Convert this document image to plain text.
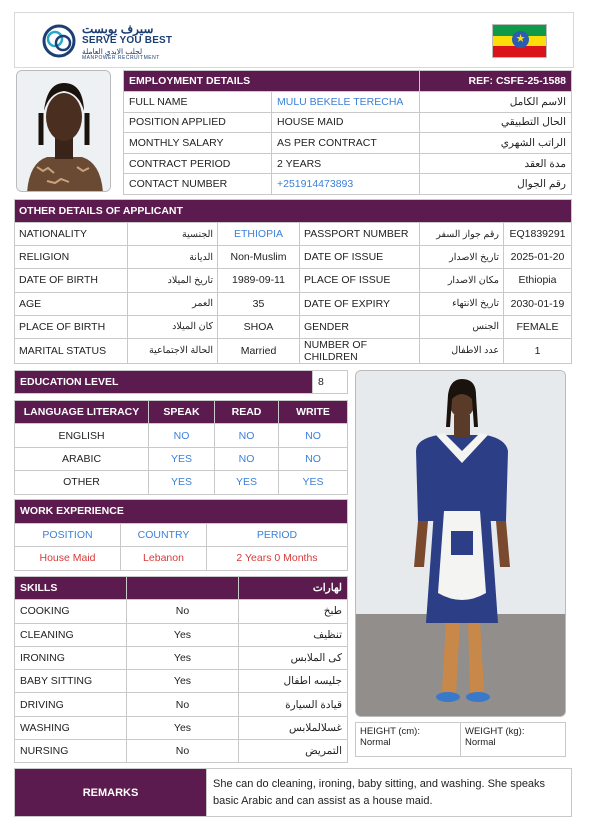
سيرف يوبست
SERVE YOU BEST
لجلب الايدي العاملة
MANPOWER RECRUITMENT
★
EMPLOYMENT DETAILS		REF: CSFE-25-1588
FULL NAME	MULU BEKELE TERECHA	الاسم الكامل
POSITION APPLIED	HOUSE MAID	الحال التطبيقي
MONTHLY SALARY	AS PER CONTRACT	الراتب الشهري
CONTRACT PERIOD	2 YEARS	مدة العقد
CONTACT NUMBER	+251914473893	رقم الجوال
OTHER DETAILS OF APPLICANT					
NATIONALITY	الجنسية	ETHIOPIA	PASSPORT NUMBER	رقم جواز السفر	EQ1839291
RELIGION	الديانة	Non-Muslim	DATE OF ISSUE	تاريخ الاصدار	2025-01-20
DATE OF BIRTH	تاريخ الميلاد	1989-09-11	PLACE OF ISSUE	مكان الاصدار	Ethiopia
AGE	العمر	35	DATE OF EXPIRY	تاريخ الانتهاء	2030-01-19
PLACE OF BIRTH	كان الميلاد	SHOA	GENDER	الجنس	FEMALE
MARITAL STATUS	الحالة الاجتماعية	Married	NUMBER OF CHILDREN	عدد الاطفال	1
EDUCATION LEVEL	8
LANGUAGE LITERACY	SPEAK	READ	WRITE
ENGLISH	NO	NO	NO
ARABIC	YES	NO	NO
OTHER	YES	YES	YES
WORK EXPERIENCE		
POSITION	COUNTRY	PERIOD
House Maid	Lebanon	2 Years 0 Months
SKILLS		لهارات
COOKING	No	طبخ
CLEANING	Yes	تنظيف
IRONING	Yes	کی الملابس
BABY SITTING	Yes	جليسه اطفال
DRIVING	No	قيادة السيارة
WASHING	Yes	غسلالملابس
NURSING	No	التمريض
HEIGHT (cm):
Normal

WEIGHT (kg):
Normal
REMARKS	She can do cleaning, ironing, baby sitting, and washing. She speaks basic Arabic and can assist as a house maid.
